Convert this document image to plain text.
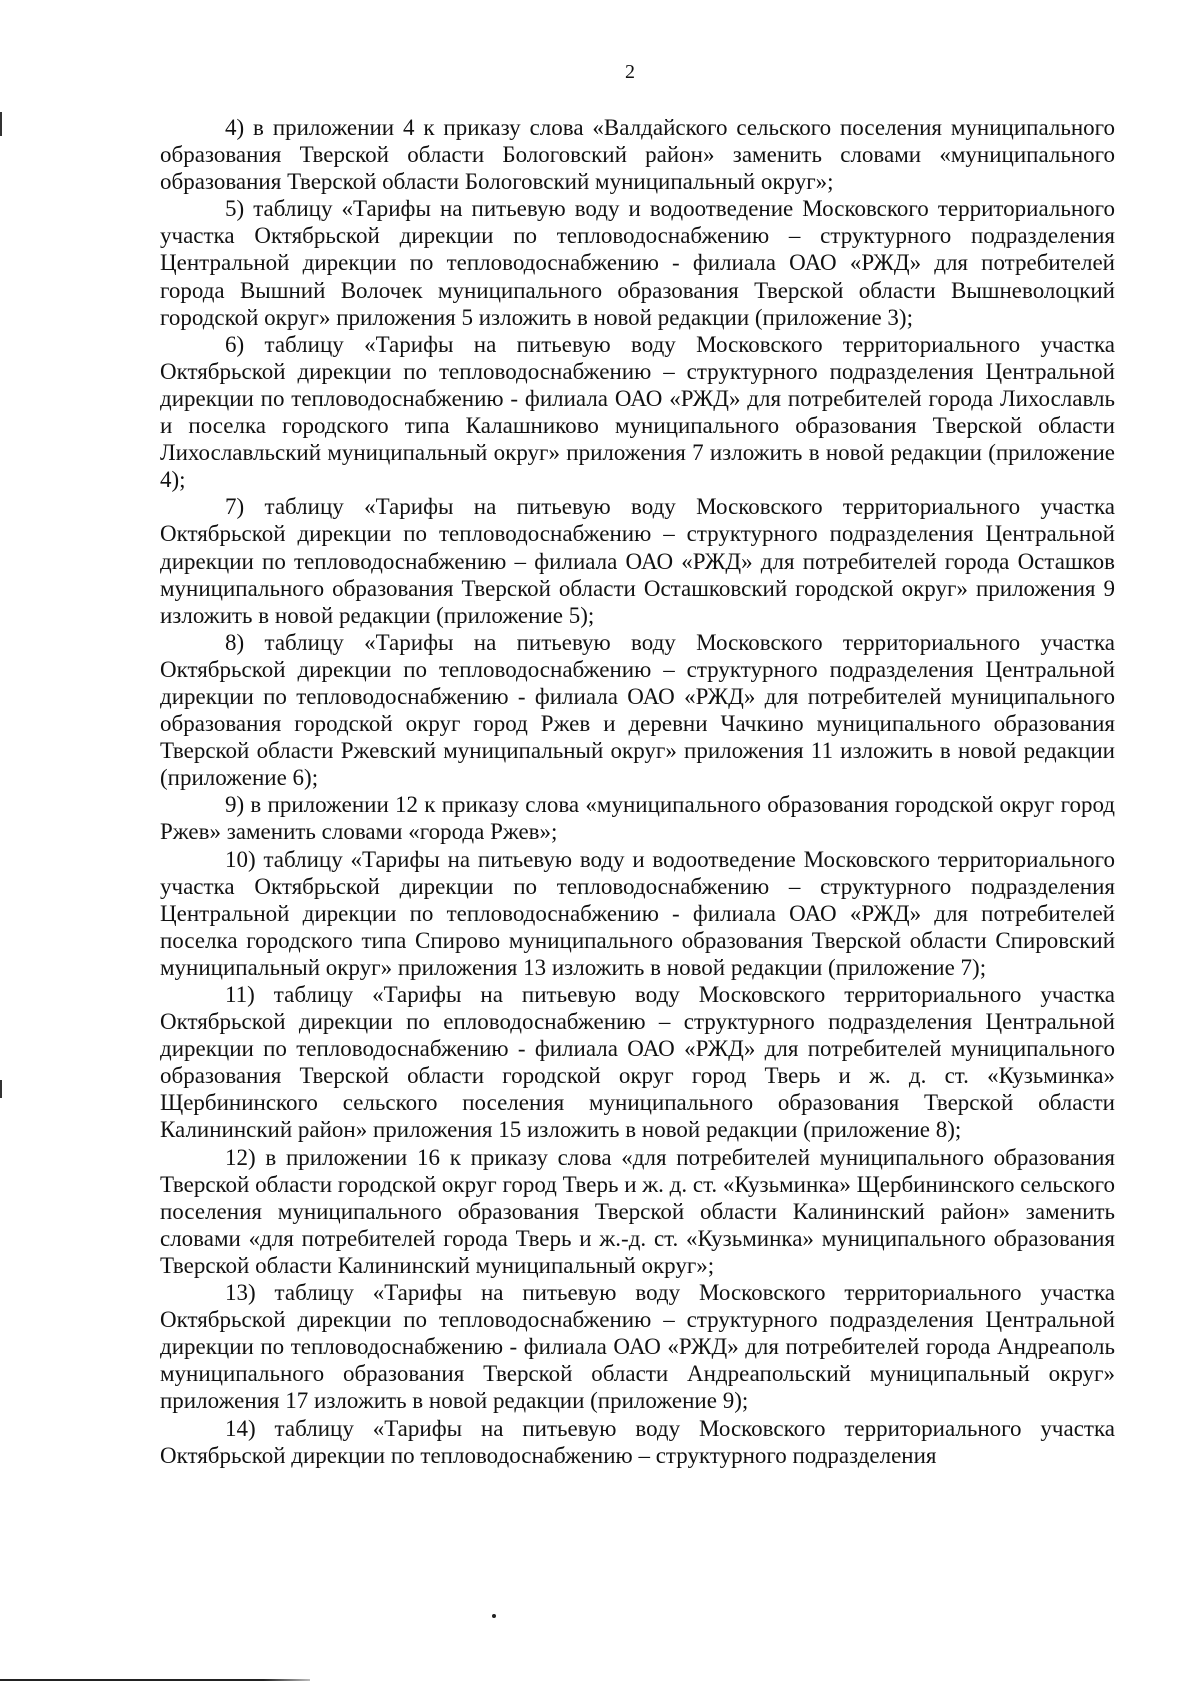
2

4) в приложении 4 к приказу слова «Валдайского сельского поселения муниципального образования Тверской области Бологовский район» заменить словами «муниципального образования Тверской области Бологовский муниципальный округ»;

5) таблицу «Тарифы на питьевую воду и водоотведение Московского территориального участка Октябрьской дирекции по тепловодоснабжению – структурного подразделения Центральной дирекции по тепловодоснабжению - филиала ОАО «РЖД» для потребителей города Вышний Волочек муниципального образования Тверской области Вышневолоцкий городской округ» приложения 5 изложить в новой редакции (приложение 3);

6) таблицу «Тарифы на питьевую воду Московского территориального участка Октябрьской дирекции по тепловодоснабжению – структурного подразделения Центральной дирекции по тепловодоснабжению - филиала ОАО «РЖД» для потребителей города Лихославль и поселка городского типа Калашниково муниципального образования Тверской области Лихославльский муниципальный округ» приложения 7 изложить в новой редакции (приложение 4);

7) таблицу «Тарифы на питьевую воду Московского территориального участка Октябрьской дирекции по тепловодоснабжению – структурного подразделения Центральной дирекции по тепловодоснабжению – филиала ОАО «РЖД» для потребителей города Осташков муниципального образования Тверской области Осташковский городской округ» приложения 9 изложить в новой редакции (приложение 5);

8) таблицу «Тарифы на питьевую воду Московского территориального участка Октябрьской дирекции по тепловодоснабжению – структурного подразделения Центральной дирекции по тепловодоснабжению - филиала ОАО «РЖД» для потребителей муниципального образования городской округ город Ржев и деревни Чачкино муниципального образования Тверской области Ржевский муниципальный округ» приложения 11 изложить в новой редакции (приложение 6);

9) в приложении 12 к приказу слова «муниципального образования городской округ город Ржев» заменить словами «города Ржев»;

10) таблицу «Тарифы на питьевую воду и водоотведение Московского территориального участка Октябрьской дирекции по тепловодоснабжению – структурного подразделения Центральной дирекции по тепловодоснабжению - филиала ОАО «РЖД» для потребителей поселка городского типа Спирово муниципального образования Тверской области Спировский муниципальный округ» приложения 13 изложить в новой редакции (приложение 7);

11) таблицу «Тарифы на питьевую воду Московского территориального участка Октябрьской дирекции по епловодоснабжению – структурного подразделения Центральной дирекции по тепловодоснабжению - филиала ОАО «РЖД» для потребителей муниципального образования Тверской области городской округ город Тверь и ж. д. ст. «Кузьминка» Щербининского сельского поселения муниципального образования Тверской области Калининский район» приложения 15 изложить в новой редакции (приложение 8);

12) в приложении 16 к приказу слова «для потребителей муниципального образования Тверской области городской округ город Тверь и ж. д. ст. «Кузьминка» Щербининского сельского поселения муниципального образования Тверской области Калининский район» заменить словами «для потребителей города Тверь и ж.-д. ст. «Кузьминка» муниципального образования Тверской области Калининский муниципальный округ»;

13) таблицу «Тарифы на питьевую воду Московского территориального участка Октябрьской дирекции по тепловодоснабжению – структурного подразделения Центральной дирекции по тепловодоснабжению - филиала ОАО «РЖД» для потребителей города Андреаполь муниципального образования Тверской области Андреапольский муниципальный округ» приложения 17 изложить в новой редакции (приложение 9);

14) таблицу «Тарифы на питьевую воду Московского территориального участка Октябрьской дирекции по тепловодоснабжению – структурного подразделения
